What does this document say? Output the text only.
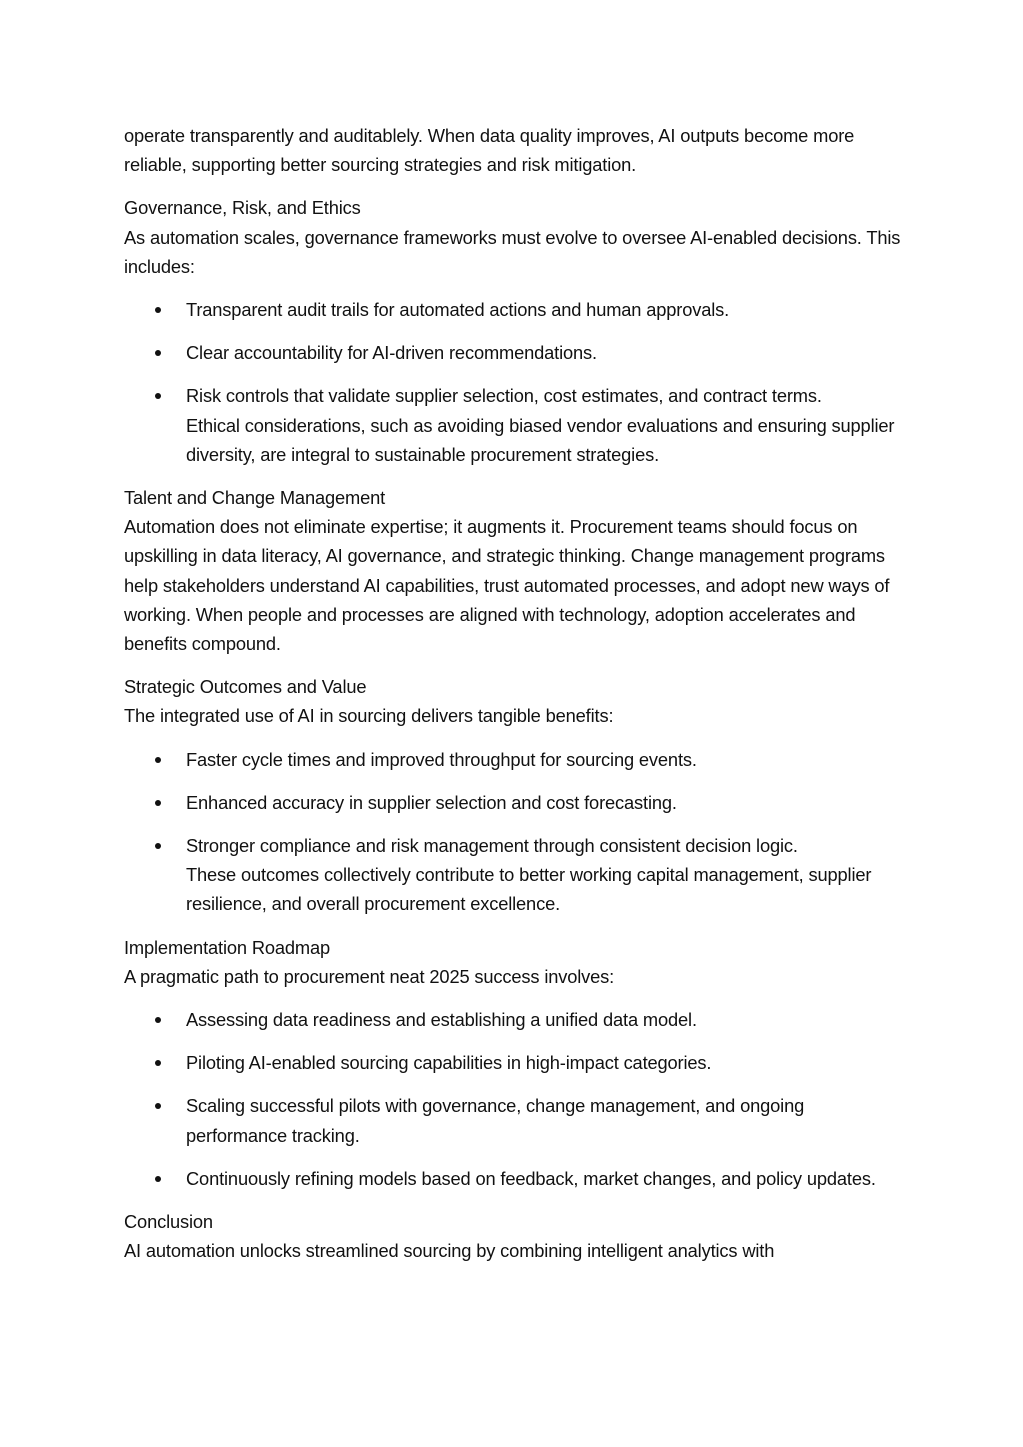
operate transparently and auditablely. When data quality improves, AI outputs become more reliable, supporting better sourcing strategies and risk mitigation.

Governance, Risk, and Ethics

As automation scales, governance frameworks must evolve to oversee AI-enabled decisions. This includes:

Transparent audit trails for automated actions and human approvals.
Clear accountability for AI-driven recommendations.
Risk controls that validate supplier selection, cost estimates, and contract terms.
Ethical considerations, such as avoiding biased vendor evaluations and ensuring supplier diversity, are integral to sustainable procurement strategies.

Talent and Change Management

Automation does not eliminate expertise; it augments it. Procurement teams should focus on upskilling in data literacy, AI governance, and strategic thinking. Change management programs help stakeholders understand AI capabilities, trust automated processes, and adopt new ways of working. When people and processes are aligned with technology, adoption accelerates and benefits compound.

Strategic Outcomes and Value

The integrated use of AI in sourcing delivers tangible benefits:

Faster cycle times and improved throughput for sourcing events.
Enhanced accuracy in supplier selection and cost forecasting.
Stronger compliance and risk management through consistent decision logic.
These outcomes collectively contribute to better working capital management, supplier resilience, and overall procurement excellence.

Implementation Roadmap

A pragmatic path to procurement neat 2025 success involves:

Assessing data readiness and establishing a unified data model.
Piloting AI-enabled sourcing capabilities in high-impact categories.
Scaling successful pilots with governance, change management, and ongoing performance tracking.
Continuously refining models based on feedback, market changes, and policy updates.

Conclusion

AI automation unlocks streamlined sourcing by combining intelligent analytics with
